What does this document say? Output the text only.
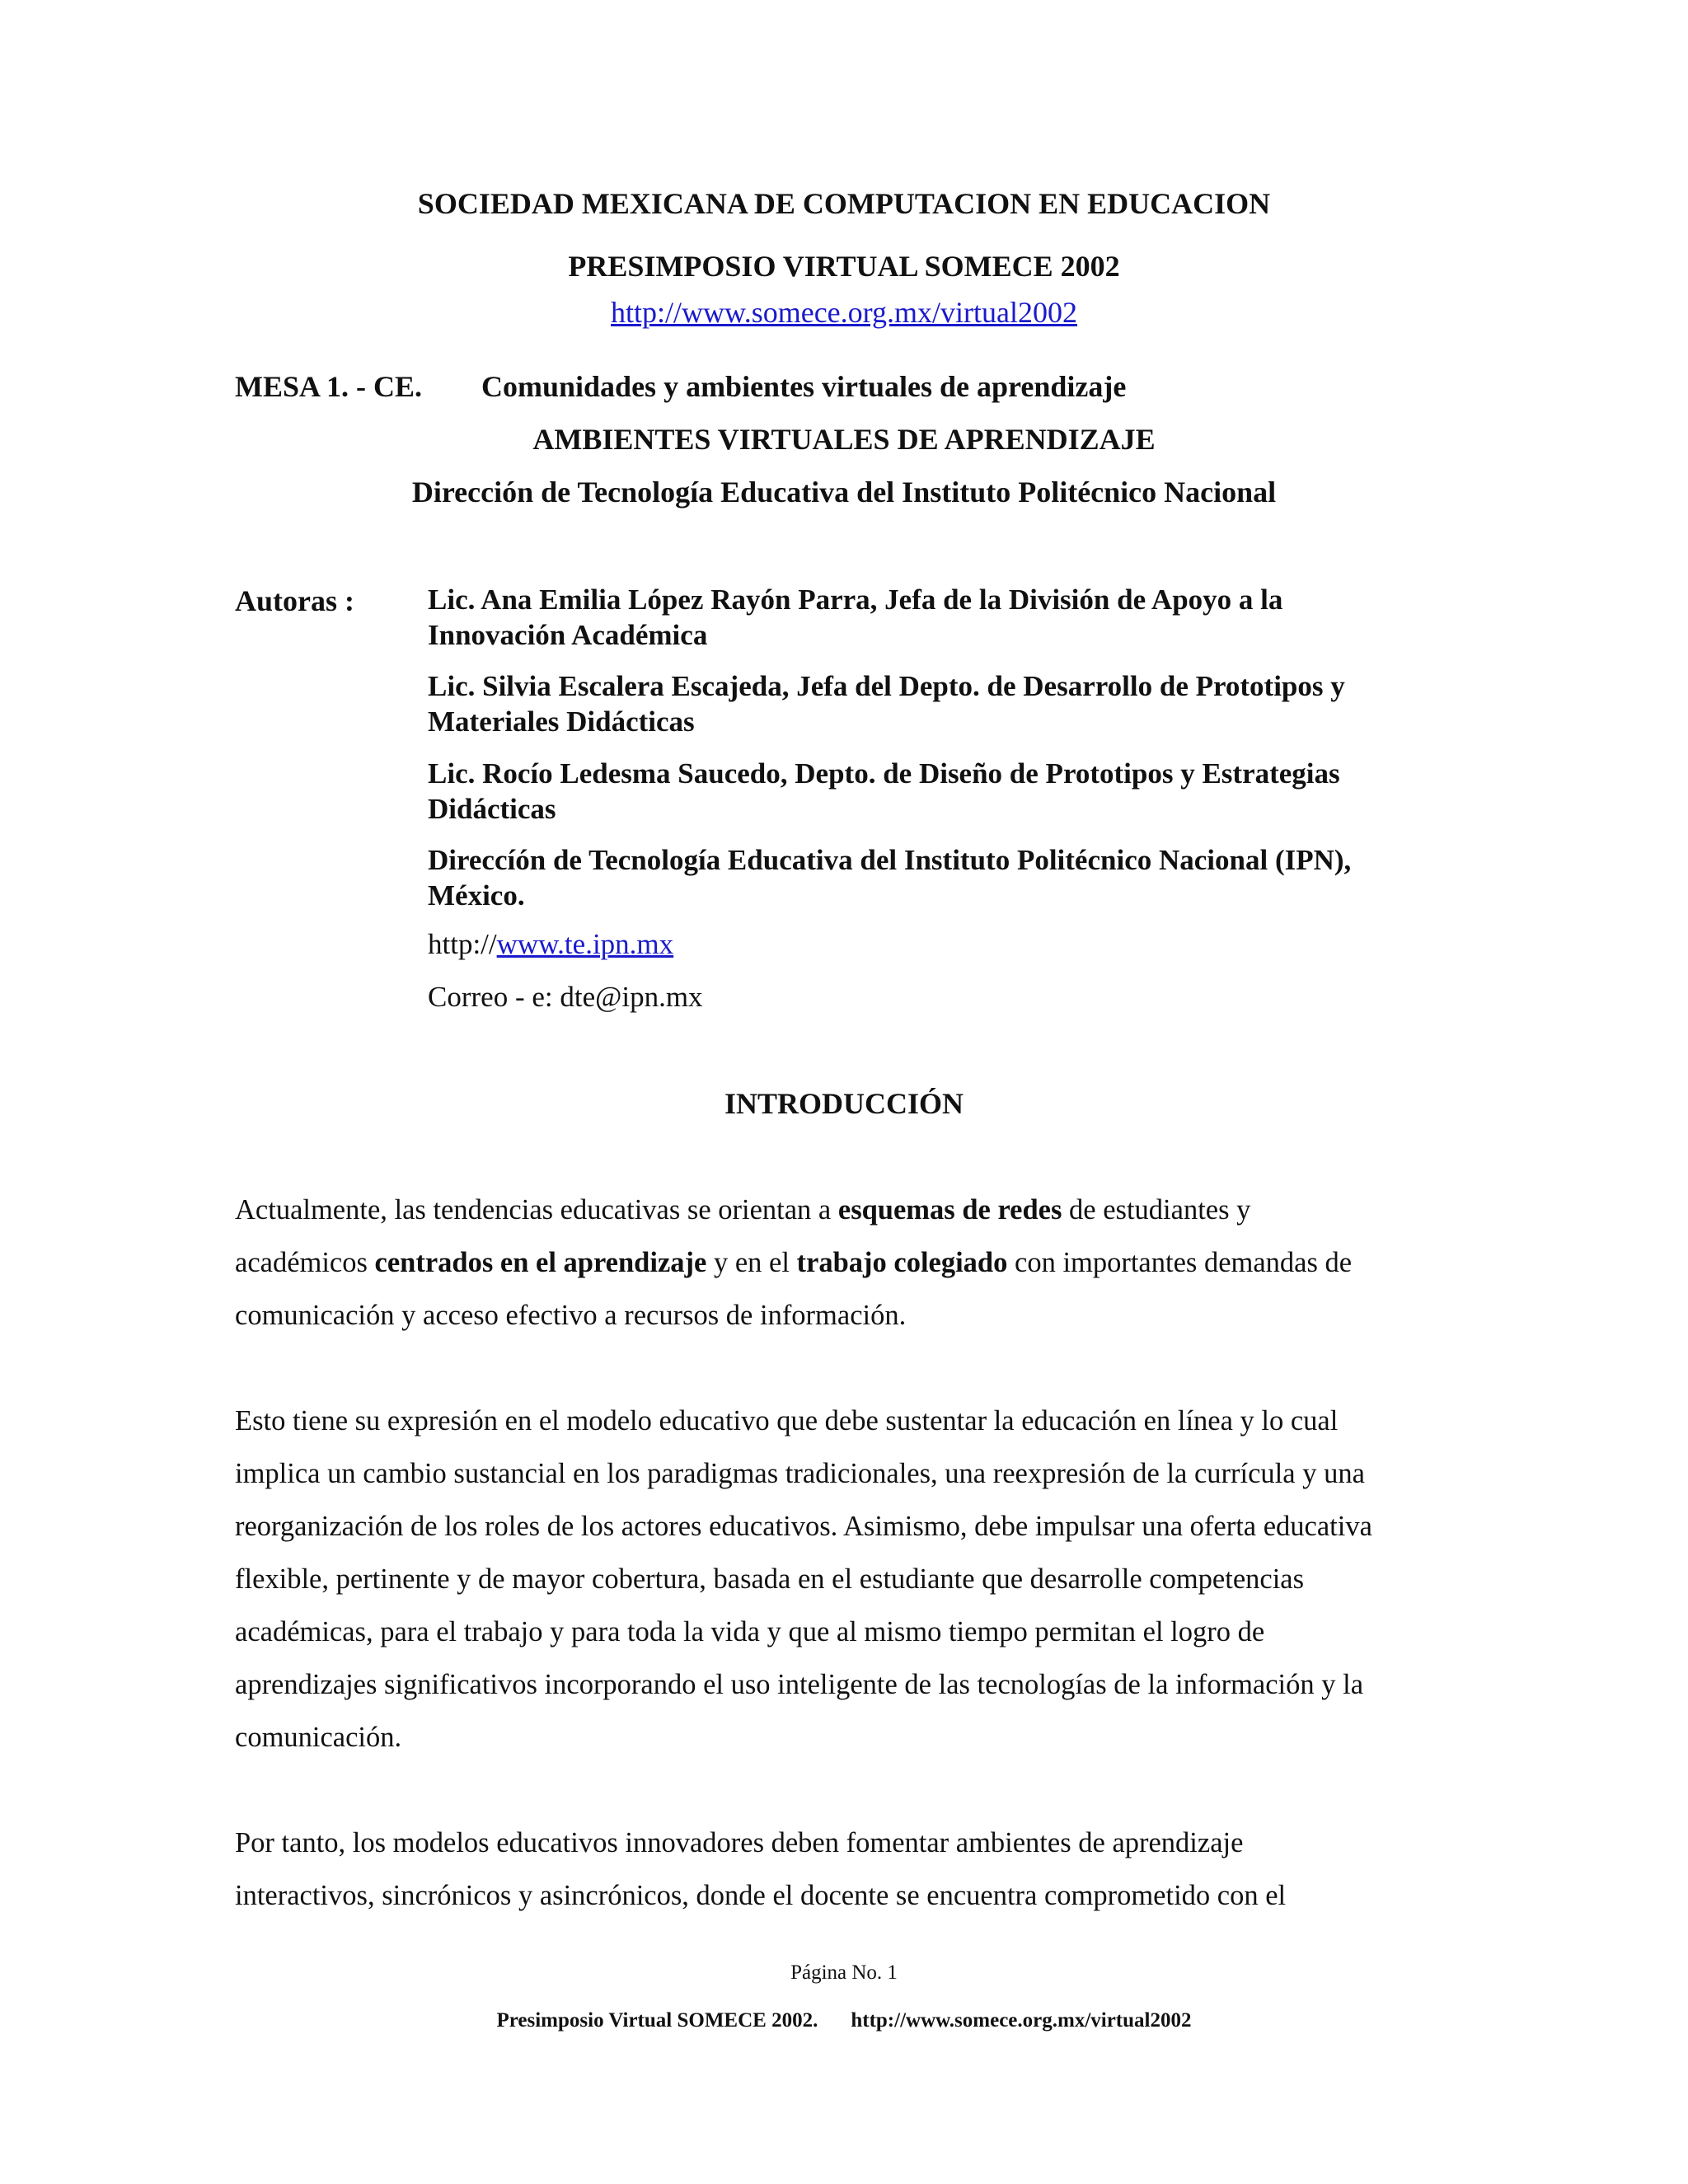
SOCIEDAD MEXICANA DE COMPUTACION EN EDUCACION
PRESIMPOSIO VIRTUAL SOMECE 2002
http://www.somece.org.mx/virtual2002
MESA 1. - CE. Comunidades y ambientes virtuales de aprendizaje
AMBIENTES VIRTUALES DE APRENDIZAJE
Dirección de Tecnología Educativa del Instituto Politécnico Nacional
Autoras :	Lic. Ana Emilia López Rayón Parra, Jefa de la División de Apoyo a la
Innovación Académica
Lic. Silvia Escalera Escajeda, Jefa del Depto. de Desarrollo de Prototipos y
Materiales Didácticas
Lic. Rocío Ledesma Saucedo, Depto. de Diseño de Prototipos y Estrategias
Didácticas
Direccíón de Tecnología Educativa del Instituto Politécnico Nacional (IPN),
México.
http://www.te.ipn.mx
Correo - e: dte@ipn.mx
INTRODUCCIÓN
Actualmente, las tendencias educativas se orientan a esquemas de redes de estudiantes y
académicos centrados en el aprendizaje y en el trabajo colegiado con importantes demandas de
comunicación y acceso efectivo a recursos de información.
Esto tiene su expresión en el modelo educativo que debe sustentar la educación en línea y lo cual
implica un cambio sustancial en los paradigmas tradicionales, una reexpresión de la currícula y una
reorganización de los roles de los actores educativos. Asimismo, debe impulsar una oferta educativa
flexible, pertinente y de mayor cobertura, basada en el estudiante que desarrolle competencias
académicas, para el trabajo y para toda la vida y que al mismo tiempo permitan el logro de
aprendizajes significativos incorporando el uso inteligente de las tecnologías de la información y la
comunicación.
Por tanto, los modelos educativos innovadores deben fomentar ambientes de aprendizaje
interactivos, sincrónicos y asincrónicos, donde el docente se encuentra comprometido con el
Página No. 1
Presimposio Virtual SOMECE 2002. http://www.somece.org.mx/virtual2002
